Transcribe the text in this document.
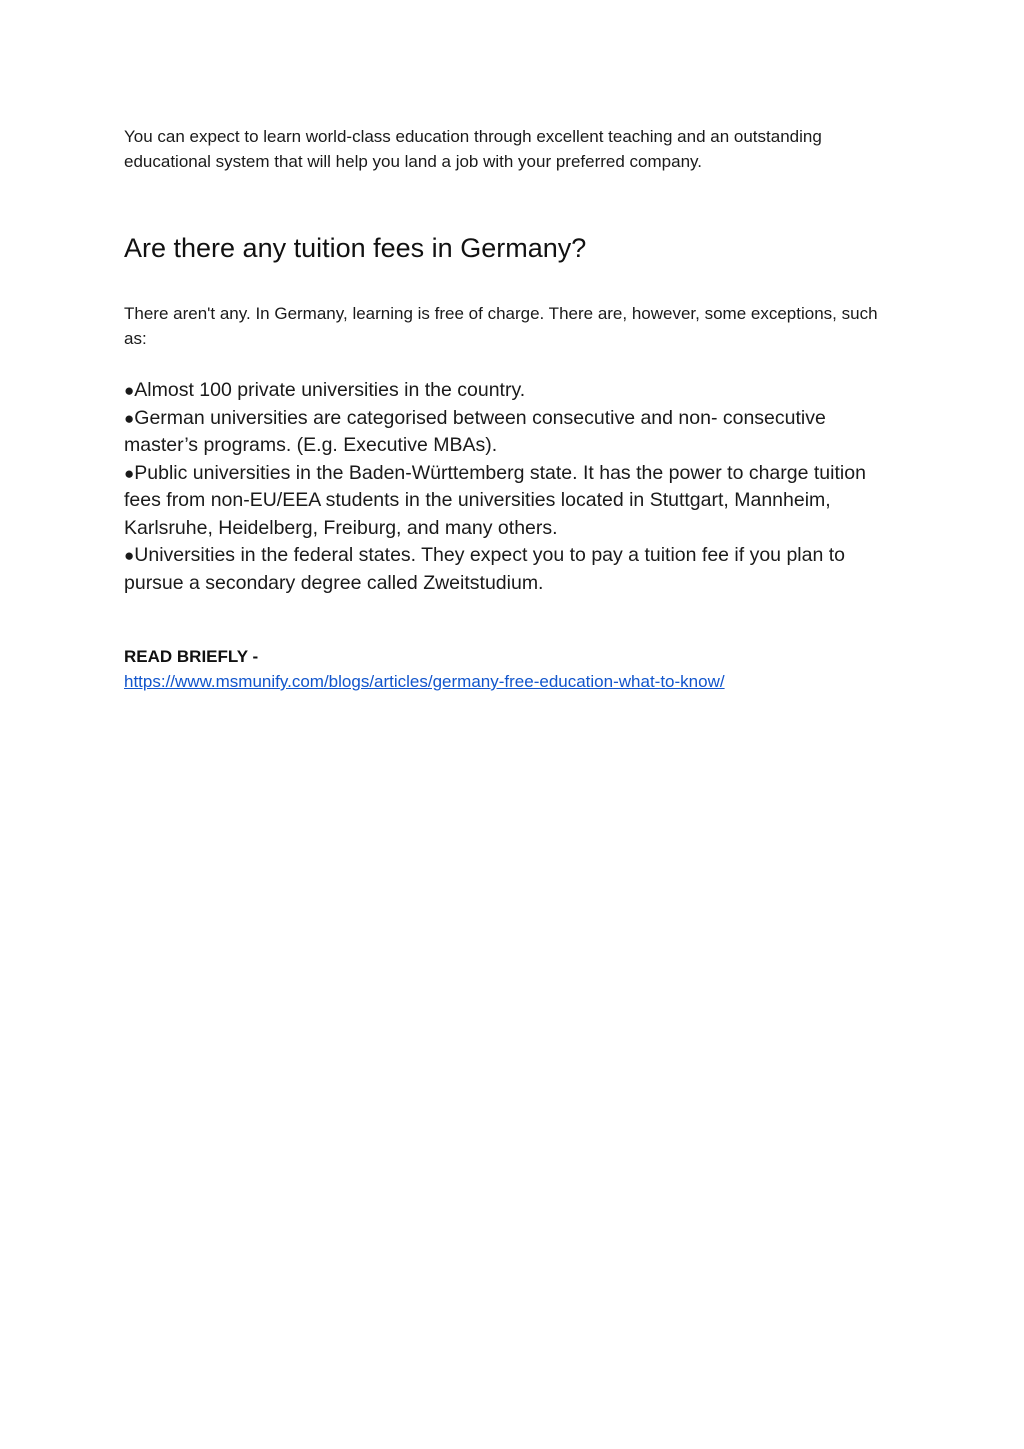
You can expect to learn world-class education through excellent teaching and an outstanding educational system that will help you land a job with your preferred company.

Are there any tuition fees in Germany?

There aren't any. In Germany, learning is free of charge. There are, however, some exceptions, such as:

●Almost 100 private universities in the country.
●German universities are categorised between consecutive and non- consecutive master’s programs. (E.g. Executive MBAs).
●Public universities in the Baden-Württemberg state. It has the power to charge tuition fees from non-EU/EEA students in the universities located in Stuttgart, Mannheim, Karlsruhe, Heidelberg, Freiburg, and many others.
●Universities in the federal states. They expect you to pay a tuition fee if you plan to pursue a secondary degree called Zweitstudium.

READ BRIEFLY -

https://www.msmunify.com/blogs/articles/germany-free-education-what-to-know/
